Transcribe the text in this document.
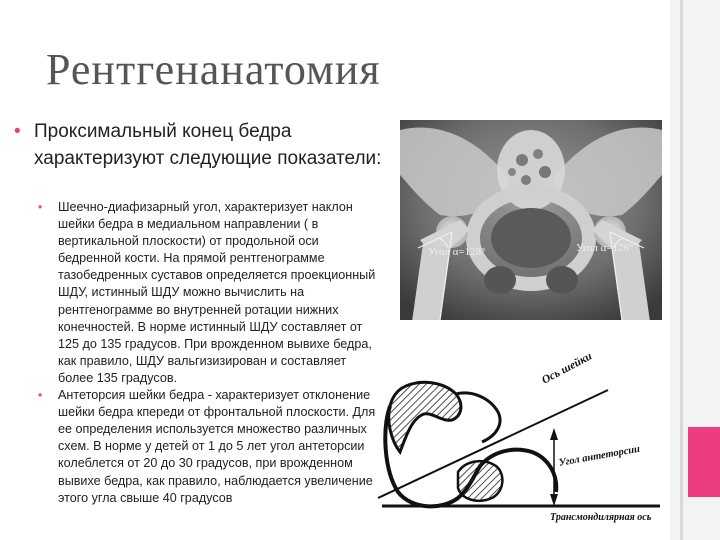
Рентгенанатомия
• Проксимальный конец бедра характеризуют следующие показатели:
• Шеечно-диафизарный угол, характеризует наклон шейки бедра в медиальном направлении ( в вертикальной плоскости) от продольной оси бедренной кости. На прямой рентгенограмме тазобедренных суставов определяется проекционный ШДУ, истинный ШДУ можно вычислить на рентгенограмме во внутренней ротации нижних конечностей. В норме истинный ШДУ составляет от 125 до 135 градусов. При врожденном вывихе бедра, как правило, ШДУ вальгизизирован и составляет более 135 градусов.
• Антеторсия шейки бедра - характеризует отклонение шейки бедра кпереди от фронтальной плоскости. Для ее определения используется множество различных схем. В норме у детей от 1 до 5 лет угол антеторсии колеблется от 20 до 30 градусов, при врожденном вывихе бедра, как правило, наблюдается увеличение этого угла свыше 40 градусов
Угол α=128°	Угол α=126°
Ось шейки
Угол антеторсии
Трансмондилярная ось
